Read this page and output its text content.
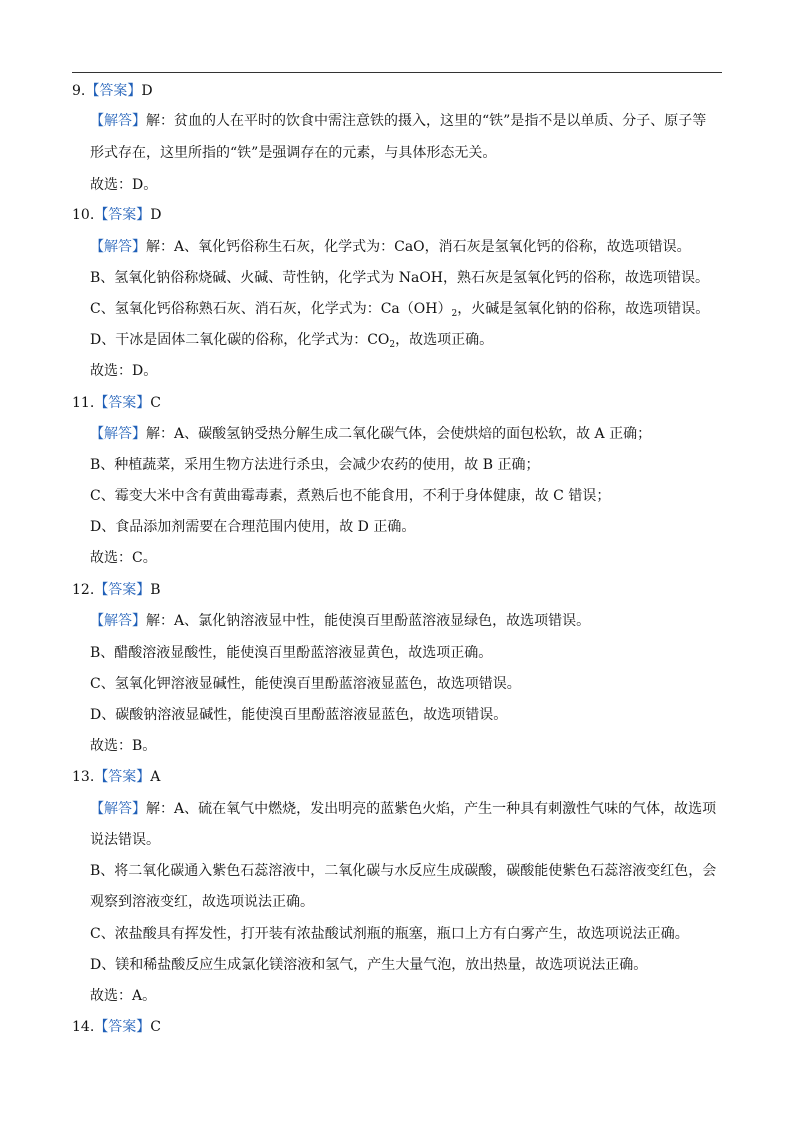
9.【答案】D
【解答】解：贫血的人在平时的饮食中需注意铁的摄入，这里的“铁”是指不是以单质、分子、原子等
形式存在，这里所指的“铁”是强调存在的元素，与具体形态无关。
故选：D。
10.【答案】D
【解答】解：A、氧化钙俗称生石灰，化学式为：CaO，消石灰是氢氧化钙的俗称，故选项错误。
B、氢氧化钠俗称烧碱、火碱、苛性钠，化学式为 NaOH，熟石灰是氢氧化钙的俗称，故选项错误。
C、氢氧化钙俗称熟石灰、消石灰，化学式为：$Ca(OH)_2$，火碱是氢氧化钠的俗称，故选项错误。
D、干冰是固体二氧化碳的俗称，化学式为：$CO_2$，故选项正确。
故选：D。
11.【答案】C
【解答】解：A、碳酸氢钠受热分解生成二氧化碳气体，会使烘焙的面包松软，故 A 正确；
B、种植蔬菜，采用生物方法进行杀虫，会减少农药的使用，故 B 正确；
C、霉变大米中含有黄曲霉毒素，煮熟后也不能食用，不利于身体健康，故 C 错误；
D、食品添加剂需要在合理范围内使用，故 D 正确。
故选：C。
12.【答案】B
【解答】解：A、氯化钠溶液显中性，能使溴百里酚蓝溶液显绿色，故选项错误。
B、醋酸溶液显酸性，能使溴百里酚蓝溶液显黄色，故选项正确。
C、氢氧化钾溶液显碱性，能使溴百里酚蓝溶液显蓝色，故选项错误。
D、碳酸钠溶液显碱性，能使溴百里酚蓝溶液显蓝色，故选项错误。
故选：B。
13.【答案】A
【解答】解：A、硫在氧气中燃烧，发出明亮的蓝紫色火焰，产生一种具有刺激性气味的气体，故选项
说法错误。
B、将二氧化碳通入紫色石蕊溶液中，二氧化碳与水反应生成碳酸，碳酸能使紫色石蕊溶液变红色，会
观察到溶液变红，故选项说法正确。
C、浓盐酸具有挥发性，打开装有浓盐酸试剂瓶的瓶塞，瓶口上方有白雾产生，故选项说法正确。
D、镁和稀盐酸反应生成氯化镁溶液和氢气，产生大量气泡，放出热量，故选项说法正确。
故选：A。
14.【答案】C
